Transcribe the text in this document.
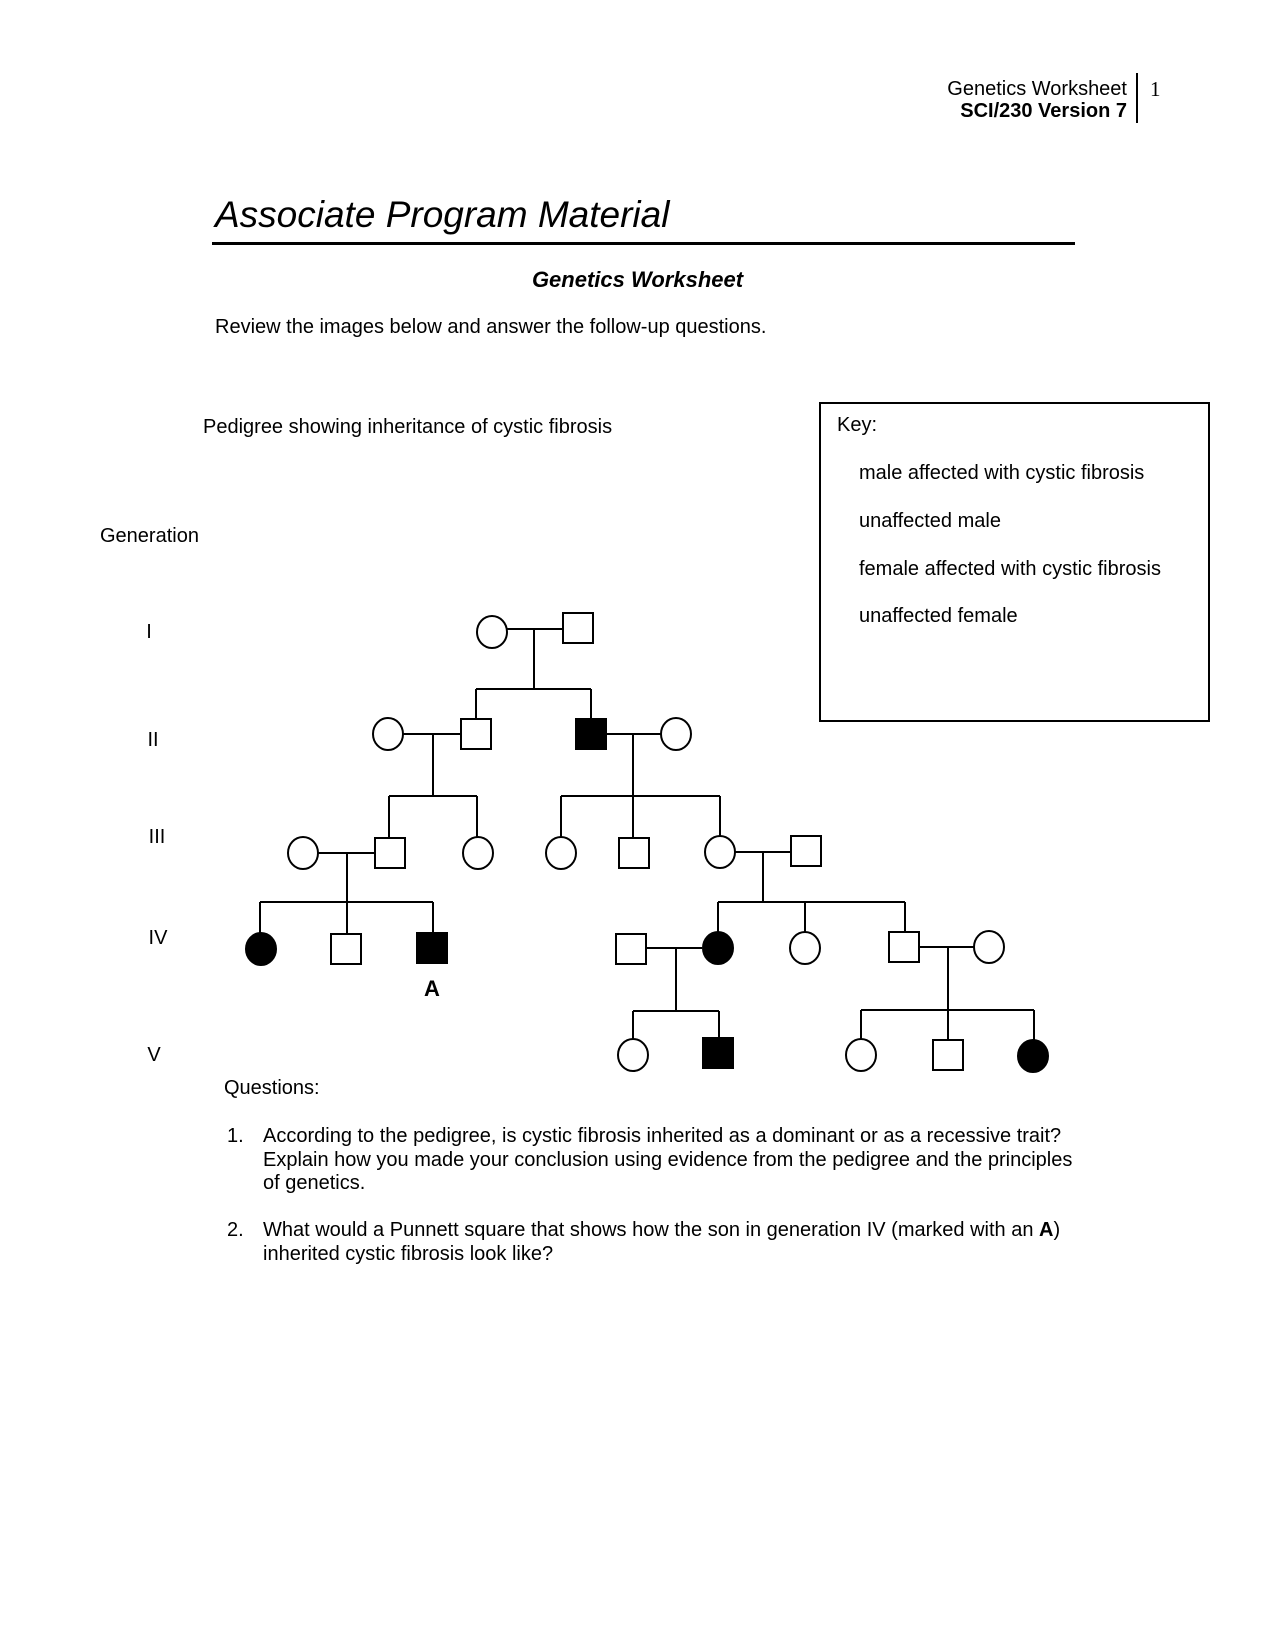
Genetics Worksheet
SCI/230 Version 7
1
Associate Program Material
Genetics Worksheet
Review the images below and answer the follow-up questions.
Pedigree showing inheritance of cystic fibrosis	Key:
male affected with cystic fibrosis
unaffected male
female affected with cystic fibrosis
unaffected female
Generation
I
II
III
IV
V
A
Questions:
1. According to the pedigree, is cystic fibrosis inherited as a dominant or as a recessive trait?
Explain how you made your conclusion using evidence from the pedigree and the principles
of genetics.
2. What would a Punnett square that shows how the son in generation IV (marked with an A)
inherited cystic fibrosis look like?
